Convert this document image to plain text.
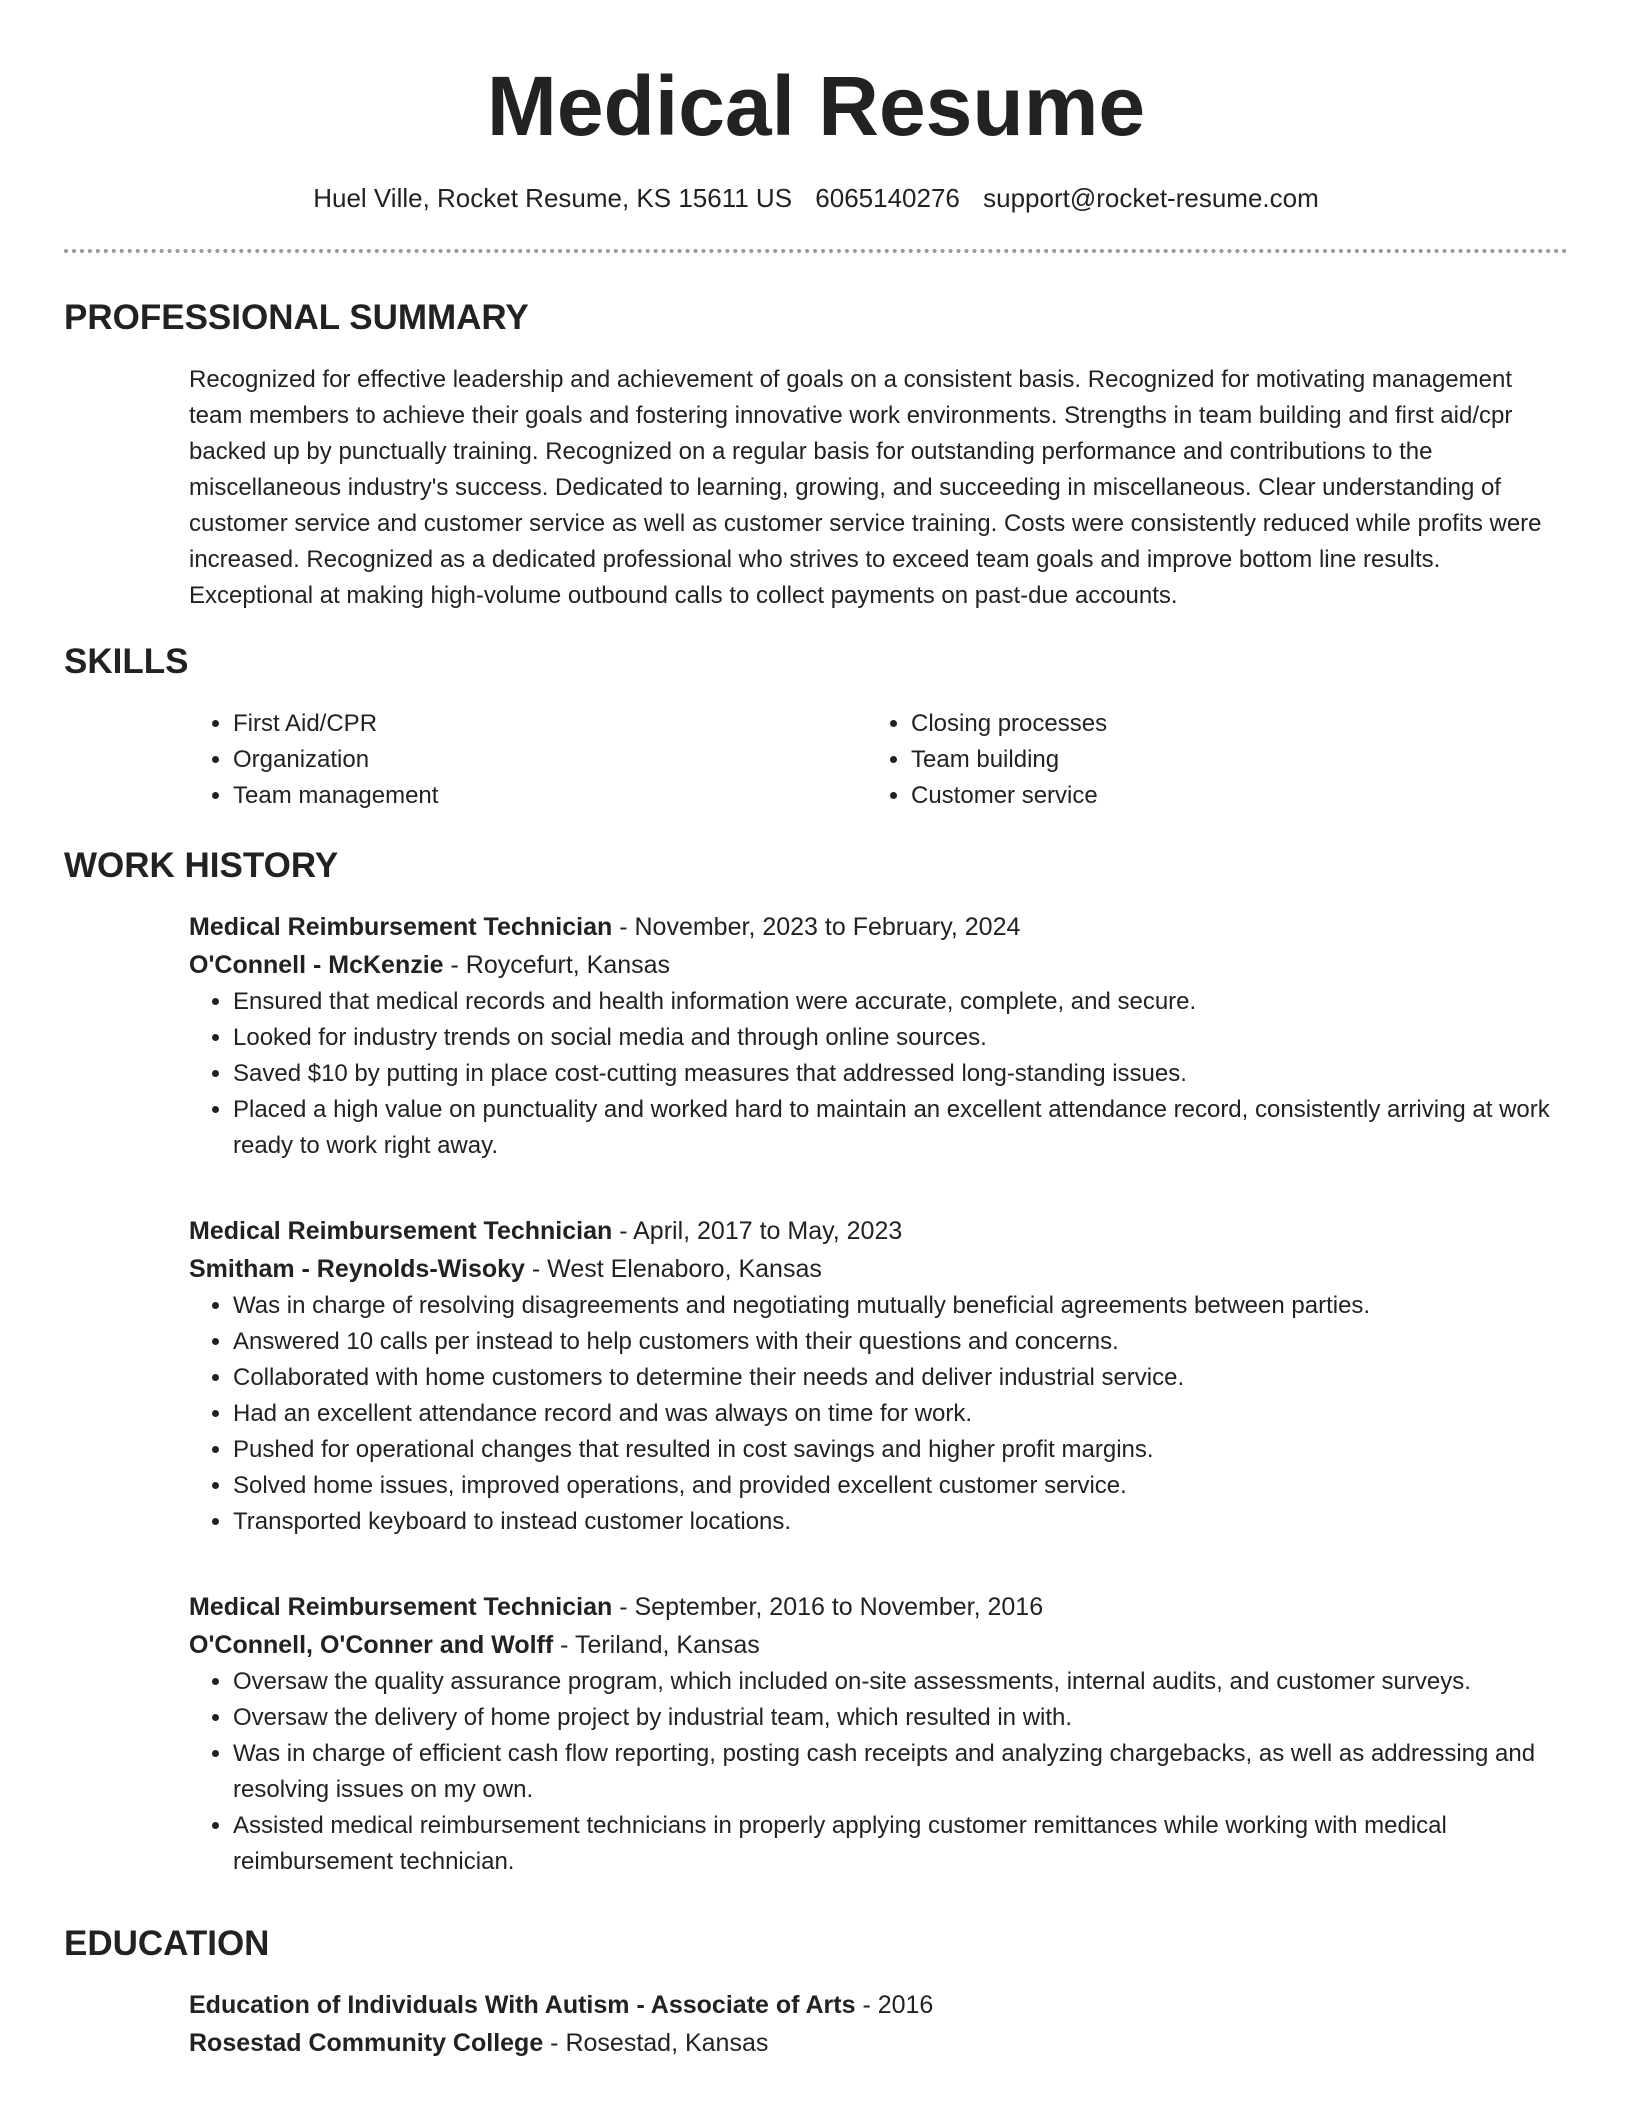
Medical Resume
Huel Ville, Rocket Resume, KS 15611 US 6065140276 support@rocket-resume.com
PROFESSIONAL SUMMARY

Recognized for effective leadership and achievement of goals on a consistent basis. Recognized for motivating management team members to achieve their goals and fostering innovative work environments. Strengths in team building and first aid/cpr backed up by punctually training. Recognized on a regular basis for outstanding performance and contributions to the miscellaneous industry's success. Dedicated to learning, growing, and succeeding in miscellaneous. Clear understanding of customer service and customer service as well as customer service training. Costs were consistently reduced while profits were increased. Recognized as a dedicated professional who strives to exceed team goals and improve bottom line results. Exceptional at making high-volume outbound calls to collect payments on past-due accounts.

SKILLS
• First Aid/CPR
• Organization
• Team management
• Closing processes
• Team building
• Customer service
WORK HISTORY
Medical Reimbursement Technician - November, 2023 to February, 2024
O'Connell - McKenzie - Roycefurt, Kansas
• Ensured that medical records and health information were accurate, complete, and secure.
• Looked for industry trends on social media and through online sources.
• Saved $10 by putting in place cost-cutting measures that addressed long-standing issues.
• Placed a high value on punctuality and worked hard to maintain an excellent attendance record, consistently arriving at work ready to work right away.
Medical Reimbursement Technician - April, 2017 to May, 2023
Smitham - Reynolds-Wisoky - West Elenaboro, Kansas
• Was in charge of resolving disagreements and negotiating mutually beneficial agreements between parties.
• Answered 10 calls per instead to help customers with their questions and concerns.
• Collaborated with home customers to determine their needs and deliver industrial service.
• Had an excellent attendance record and was always on time for work.
• Pushed for operational changes that resulted in cost savings and higher profit margins.
• Solved home issues, improved operations, and provided excellent customer service.
• Transported keyboard to instead customer locations.
Medical Reimbursement Technician - September, 2016 to November, 2016
O'Connell, O'Conner and Wolff - Teriland, Kansas
• Oversaw the quality assurance program, which included on-site assessments, internal audits, and customer surveys.
• Oversaw the delivery of home project by industrial team, which resulted in with.
• Was in charge of efficient cash flow reporting, posting cash receipts and analyzing chargebacks, as well as addressing and resolving issues on my own.
• Assisted medical reimbursement technicians in properly applying customer remittances while working with medical reimbursement technician.
EDUCATION
Education of Individuals With Autism - Associate of Arts - 2016
Rosestad Community College - Rosestad, Kansas
